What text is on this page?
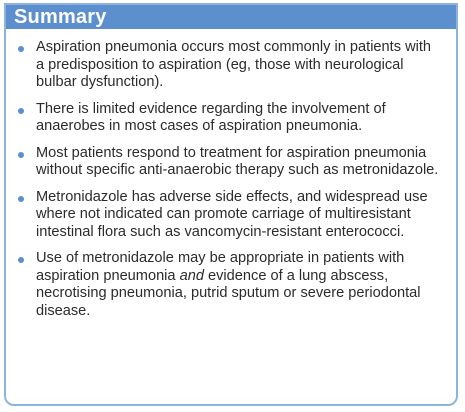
Summary
Aspiration pneumonia occurs most commonly in patients with a predisposition to aspiration (eg, those with neurological bulbar dysfunction).
There is limited evidence regarding the involvement of anaerobes in most cases of aspiration pneumonia.
Most patients respond to treatment for aspiration pneumonia without specific anti-anaerobic therapy such as metronidazole.
Metronidazole has adverse side effects, and widespread use where not indicated can promote carriage of multiresistant intestinal flora such as vancomycin-resistant enterococci.
Use of metronidazole may be appropriate in patients with aspiration pneumonia and evidence of a lung abscess, necrotising pneumonia, putrid sputum or severe periodontal disease.
